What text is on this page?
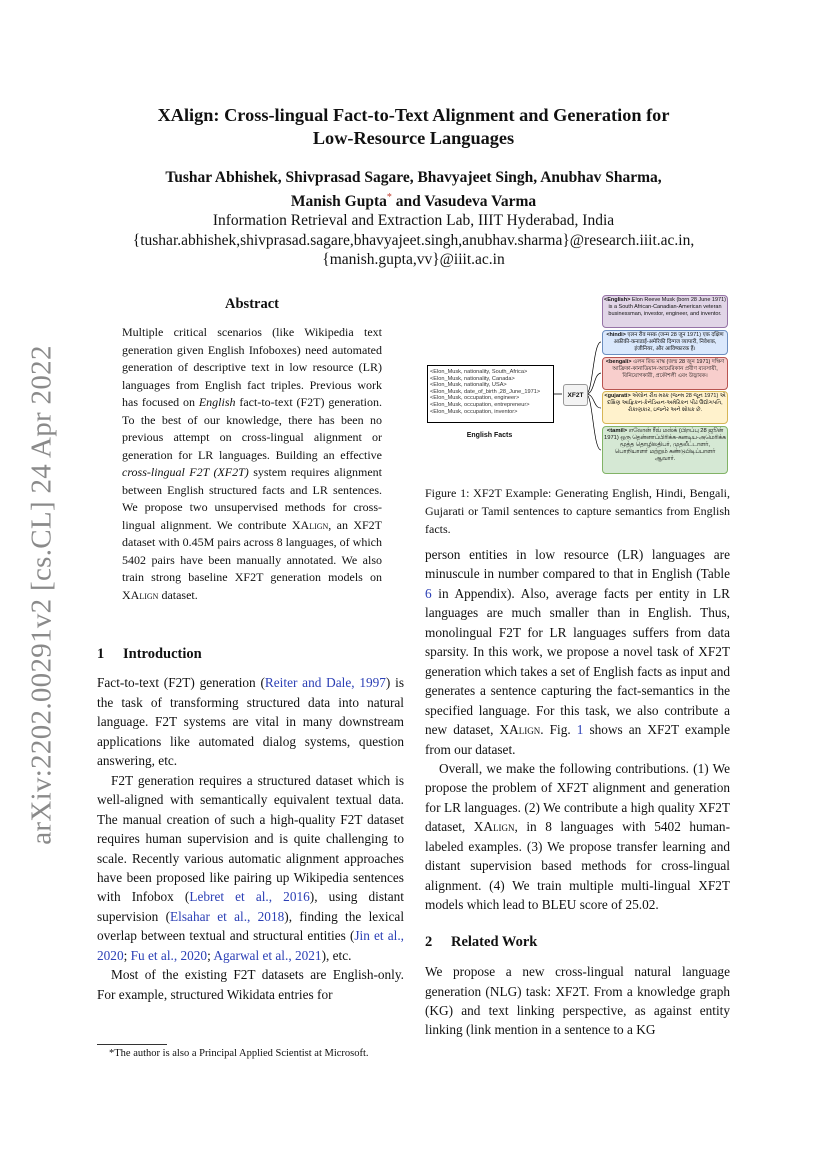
arXiv:2202.00291v2 [cs.CL] 24 Apr 2022
XAlign: Cross-lingual Fact-to-Text Alignment and Generation for
Low-Resource Languages
Tushar Abhishek, Shivprasad Sagare, Bhavyajeet Singh, Anubhav Sharma,
Manish Gupta* and Vasudeva Varma
Information Retrieval and Extraction Lab, IIIT Hyderabad, India
{tushar.abhishek,shivprasad.sagare,bhavyajeet.singh,anubhav.sharma}@research.iiit.ac.in,
{manish.gupta,vv}@iiit.ac.in
Abstract

Multiple critical scenarios (like Wikipedia text generation given English Infoboxes) need automated generation of descriptive text in low resource (LR) languages from English fact triples. Previous work has focused on English fact-to-text (F2T) generation. To the best of our knowledge, there has been no previous attempt on cross-lingual alignment or generation for LR languages. Building an effective cross-lingual F2T (XF2T) system requires alignment between English structured facts and LR sentences. We propose two unsupervised methods for cross-lingual alignment. We contribute XAlign, an XF2T dataset with 0.45M pairs across 8 languages, of which 5402 pairs have been manually annotated. We also train strong baseline XF2T generation models on XAlign dataset.

1 Introduction

Fact-to-text (F2T) generation (Reiter and Dale, 1997) is the task of transforming structured data into natural language. F2T systems are vital in many downstream applications like automated dialog systems, question answering, etc.

F2T generation requires a structured dataset which is well-aligned with semantically equivalent textual data. The manual creation of such a high-quality F2T dataset requires human supervision and is quite challenging to scale. Recently various automatic alignment approaches have been proposed like pairing up Wikipedia sentences with Infobox (Lebret et al., 2016), using distant supervision (Elsahar et al., 2018), finding the lexical overlap between textual and structural entities (Jin et al., 2020; Fu et al., 2020; Agarwal et al., 2021), etc.

Most of the existing F2T datasets are English-only. For example, structured Wikidata entries for

*The author is also a Principal Applied Scientist at Microsoft.

<Elon_Musk, nationality, South_Africa>
<Elon_Musk, nationality, Canada>
<Elon_Musk, nationality, USA>
<Elon_Musk, date_of_birth ,28_June_1971>
<Elon_Musk, occupation, engineer>
<Elon_Musk, occupation, entrepreneur>
<Elon_Musk, occupation, inventor>
English Facts
XF2T
<English> Elon Reeve Musk (born 28 June 1971) is a South African-Canadian-American veteran businessman, investor, engineer, and inventor.
<hindi> एलन रीव मस्क (जन्म 28 जून 1971) एक दक्षिण अफ्रीकी-कनाडाई-अमेरिकी दिग्गज व्यापारी, निवेशक, इंजीनियर, और आविष्कारक हैं।
<bengali> এলন রিভ মাস্ক (জন্ম 28 জুন 1971) দক্ষিণ আফ্রিকা-কানাডিয়ান-আমেরিকান প্রবীণ ব্যবসায়ী, বিনিয়োগকারী, প্রকৌশলী এবং উদ্ভাবক।
<gujarati> એલોન રીવ મસ્ક (જન્મ 28 જૂન 1971) એ દક્ષિણ આફ્રિકન-કેનેડિયન-અમેરિકન પીઢ ઉદ્યોગપતિ, રોકાણકાર, ઇજનેર અને શોધક છે.
<tamil> எலோன் ரீவ் மஸ்க் (பிறப்பு 28 ஜூன் 1971) ஒரு தென்னாப்பிரிக்க-கனடிய-அமெரிக்க மூத்த தொழிலதிபர், முதலீட்டாளர், பொறியாளர் மற்றும் கண்டுபிடிப்பாளர் ஆவார்.
Figure 1: XF2T Example: Generating English, Hindi, Bengali, Gujarati or Tamil sentences to capture semantics from English facts.

person entities in low resource (LR) languages are minuscule in number compared to that in English (Table 6 in Appendix). Also, average facts per entity in LR languages are much smaller than in English. Thus, monolingual F2T for LR languages suffers from data sparsity. In this work, we propose a novel task of XF2T generation which takes a set of English facts as input and generates a sentence capturing the fact-semantics in the specified language. For this task, we also contribute a new dataset, XAlign. Fig. 1 shows an XF2T example from our dataset.

Overall, we make the following contributions. (1) We propose the problem of XF2T alignment and generation for LR languages. (2) We contribute a high quality XF2T dataset, XAlign, in 8 languages with 5402 human-labeled examples. (3) We propose transfer learning and distant supervision based methods for cross-lingual alignment. (4) We train multiple multi-lingual XF2T models which lead to BLEU score of 25.02.

2 Related Work

We propose a new cross-lingual natural language generation (NLG) task: XF2T. From a knowledge graph (KG) and text linking perspective, as against entity linking (link mention in a sentence to a KG
